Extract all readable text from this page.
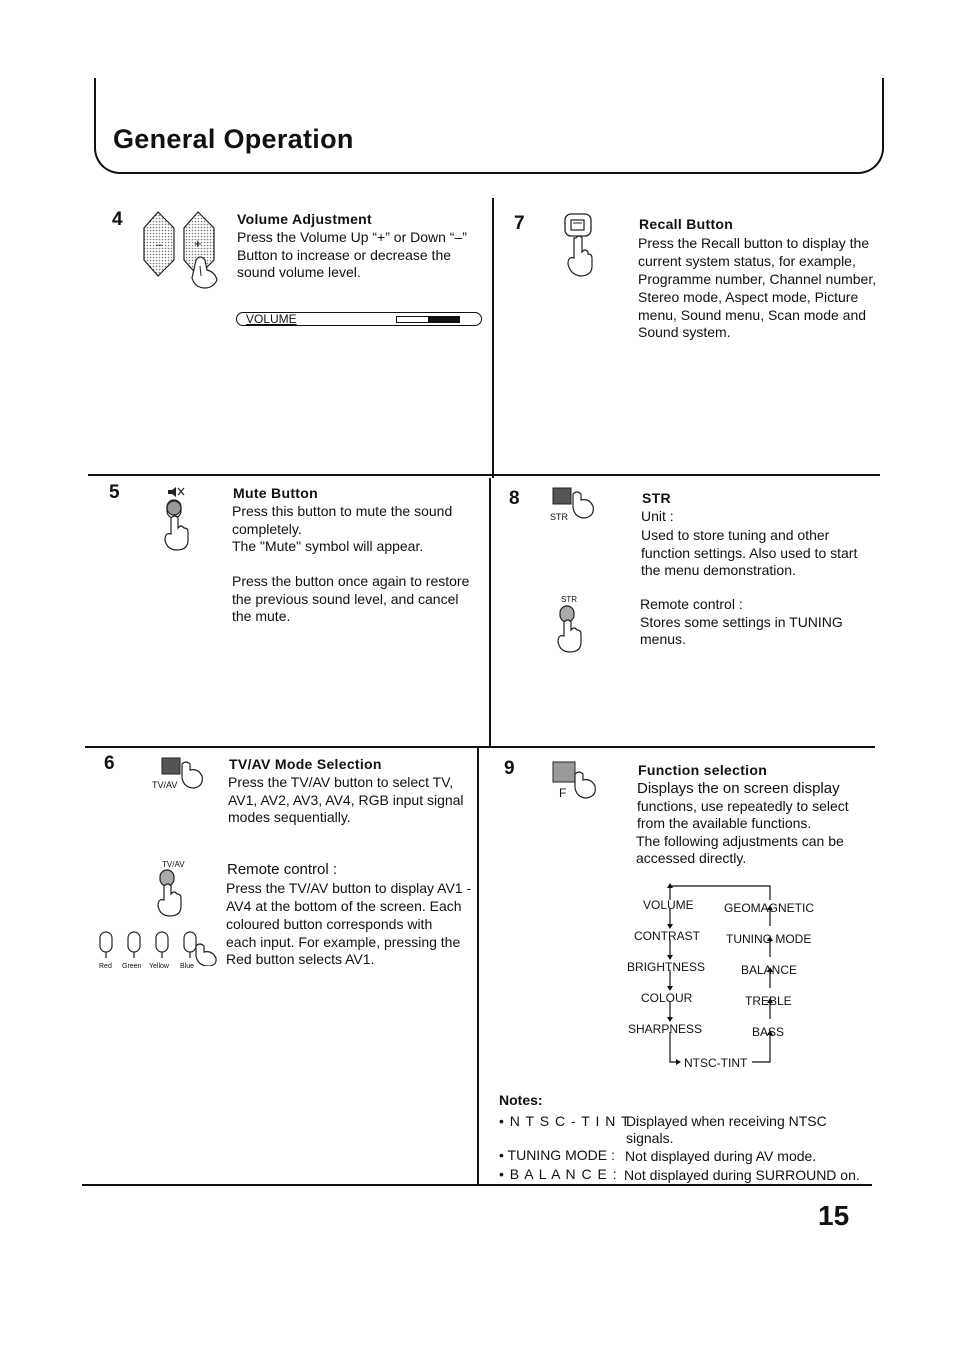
General Operation
4
– +
Volume Adjustment
Press the Volume Up “+” or Down “–”
Button to increase or decrease the
sound volume level.
VOLUME
7	Recall Button
Press the Recall button to display the
current system status, for example,
Programme number, Channel number,
Stereo mode, Aspect mode, Picture
menu, Sound menu, Scan mode and
Sound system.
5	Mute Button
Press this button to mute the sound
completely.
The "Mute" symbol will appear.
Press the button once again to restore
the previous sound level, and cancel
the mute.
8
STR
STR
Unit :
Used to store tuning and other
function settings. Also used to start
the menu demonstration.
STR	Remote control :
Stores some settings in TUNING
menus.
6
TV/AV
TV/AV Mode Selection
Press the TV/AV button to select TV,
AV1, AV2, AV3, AV4, RGB input signal
modes sequentially.
TV/AV
Red Green Yellow Blue
Remote control :
Press the TV/AV button to display AV1 -
AV4 at the bottom of the screen. Each
coloured button corresponds with
each input. For example, pressing the
Red button selects AV1.
9
F
Function selection
Displays the on screen display
functions, use repeatedly to select
from the available functions.
The following adjustments can be
accessed directly.
VOLUME
CONTRAST
BRIGHTNESS
COLOUR
SHARPNESS
GEOMAGNETIC
TUNING MODE
BALANCE
TREBLE
BASS
NTSC-TINT
Notes:
• N T S C - T I N T :
Displayed when receiving NTSC
signals.
• TUNING MODE : Not displayed during AV mode.
• B A L A N C E : Not displayed during SURROUND on.
15
